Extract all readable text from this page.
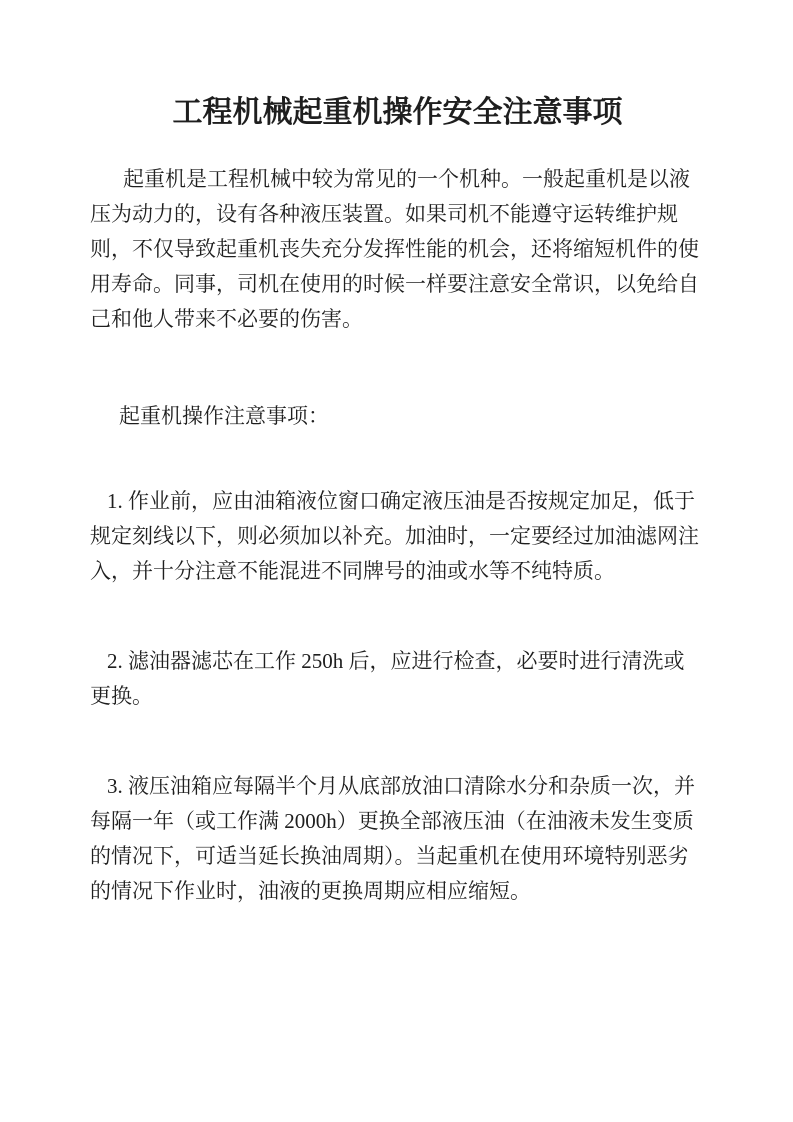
工程机械起重机操作安全注意事项

起重机是工程机械中较为常见的一个机种。一般起重机是以液压为动力的，设有各种液压装置。如果司机不能遵守运转维护规则，不仅导致起重机丧失充分发挥性能的机会，还将缩短机件的使用寿命。同事，司机在使用的时候一样要注意安全常识，以免给自己和他人带来不必要的伤害。

起重机操作注意事项：

1. 作业前，应由油箱液位窗口确定液压油是否按规定加足，低于规定刻线以下，则必须加以补充。加油时，一定要经过加油滤网注入，并十分注意不能混进不同牌号的油或水等不纯特质。

2. 滤油器滤芯在工作 250h 后，应进行检查，必要时进行清洗或更换。

3. 液压油箱应每隔半个月从底部放油口清除水分和杂质一次，并每隔一年（或工作满 2000h）更换全部液压油（在油液未发生变质的情况下，可适当延长换油周期）。当起重机在使用环境特别恶劣的情况下作业时，油液的更换周期应相应缩短。
